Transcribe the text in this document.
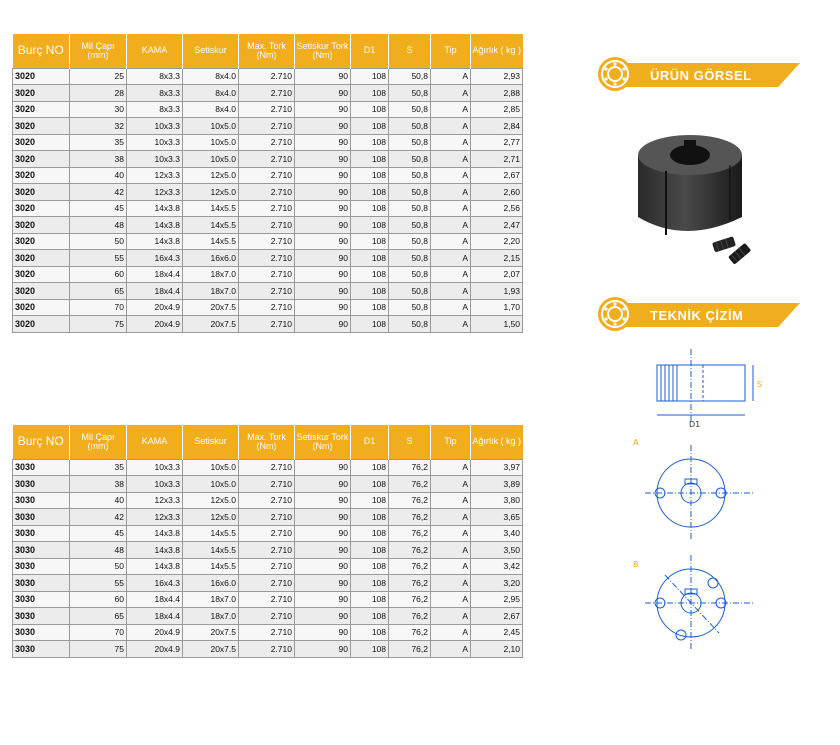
Burç NO	Mil Çapı (mm)	KAMA	Setiskur	Max. Tork (Nm)	Setiskur Tork (Nm)	D1	S	Tip	Ağırlık ( kg )
3020	25	8x3.3	8x4.0	2.710	90	108	50,8	A	2,93
3020	28	8x3.3	8x4.0	2.710	90	108	50,8	A	2,88
3020	30	8x3.3	8x4.0	2.710	90	108	50,8	A	2,85
3020	32	10x3.3	10x5.0	2.710	90	108	50,8	A	2,84
3020	35	10x3.3	10x5.0	2.710	90	108	50,8	A	2,77
3020	38	10x3.3	10x5.0	2.710	90	108	50,8	A	2,71
3020	40	12x3.3	12x5.0	2.710	90	108	50,8	A	2,67
3020	42	12x3.3	12x5.0	2.710	90	108	50,8	A	2,60
3020	45	14x3.8	14x5.5	2.710	90	108	50,8	A	2,56
3020	48	14x3.8	14x5.5	2.710	90	108	50,8	A	2,47
3020	50	14x3.8	14x5.5	2.710	90	108	50,8	A	2,20
3020	55	16x4.3	16x6.0	2.710	90	108	50,8	A	2,15
3020	60	18x4.4	18x7.0	2.710	90	108	50,8	A	2,07
3020	65	18x4.4	18x7.0	2.710	90	108	50,8	A	1,93
3020	70	20x4.9	20x7.5	2.710	90	108	50,8	A	1,70
3020	75	20x4.9	20x7.5	2.710	90	108	50,8	A	1,50
Burç NO	Mil Çapı (mm)	KAMA	Setiskur	Max. Tork (Nm)	Setiskur Tork (Nm)	D1	S	Tip	Ağırlık ( kg )
3030	35	10x3.3	10x5.0	2.710	90	108	76,2	A	3,97
3030	38	10x3.3	10x5.0	2.710	90	108	76,2	A	3,89
3030	40	12x3.3	12x5.0	2.710	90	108	76,2	A	3,80
3030	42	12x3.3	12x5.0	2.710	90	108	76,2	A	3,65
3030	45	14x3.8	14x5.5	2.710	90	108	76,2	A	3,40
3030	48	14x3.8	14x5.5	2.710	90	108	76,2	A	3,50
3030	50	14x3.8	14x5.5	2.710	90	108	76,2	A	3,42
3030	55	16x4.3	16x6.0	2.710	90	108	76,2	A	3,20
3030	60	18x4.4	18x7.0	2.710	90	108	76,2	A	2,95
3030	65	18x4.4	18x7.0	2.710	90	108	76,2	A	2,67
3030	70	20x4.9	20x7.5	2.710	90	108	76,2	A	2,45
3030	75	20x4.9	20x7.5	2.710	90	108	76,2	A	2,10
ÜRÜN GÖRSEL
TEKNİK ÇİZİM
D1
S
A
B
